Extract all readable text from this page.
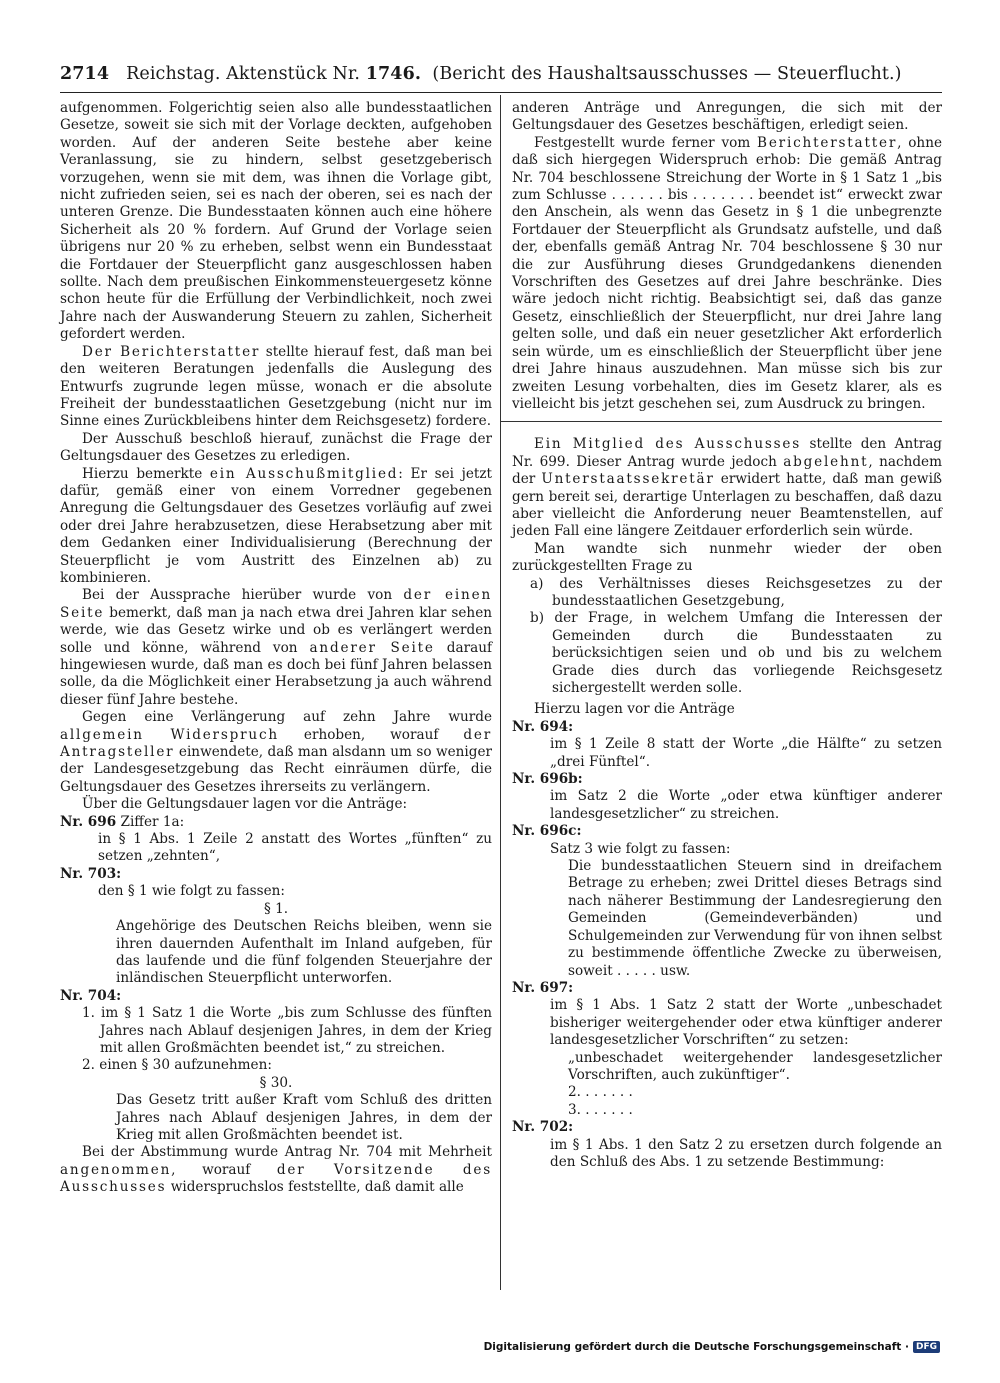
2714 Reichstag. Aktenstück Nr. 1746. (Bericht des Haushaltsausschusses — Steuerflucht.)

aufgenommen. Folgerichtig seien also alle bundesstaatlichen Gesetze, soweit sie sich mit der Vorlage deckten, aufgehoben worden. Auf der anderen Seite bestehe aber keine Veranlassung, sie zu hindern, selbst gesetzgeberisch vorzugehen, wenn sie mit dem, was ihnen die Vorlage gibt, nicht zufrieden seien, sei es nach der oberen, sei es nach der unteren Grenze. Die Bundesstaaten können auch eine höhere Sicherheit als 20 % fordern. Auf Grund der Vorlage seien übrigens nur 20 % zu erheben, selbst wenn ein Bundesstaat die Fortdauer der Steuerpflicht ganz ausgeschlossen haben sollte. Nach dem preußischen Einkommensteuergesetz könne schon heute für die Erfüllung der Verbindlichkeit, noch zwei Jahre nach der Auswanderung Steuern zu zahlen, Sicherheit gefordert werden.

Der Berichterstatter stellte hierauf fest, daß man bei den weiteren Beratungen jedenfalls die Auslegung des Entwurfs zugrunde legen müsse, wonach er die absolute Freiheit der bundesstaatlichen Gesetzgebung (nicht nur im Sinne eines Zurückbleibens hinter dem Reichsgesetz) fordere.

Der Ausschuß beschloß hierauf, zunächst die Frage der Geltungsdauer des Gesetzes zu erledigen.

Hierzu bemerkte ein Ausschußmitglied: Er sei jetzt dafür, gemäß einer von einem Vorredner gegebenen Anregung die Geltungsdauer des Gesetzes vorläufig auf zwei oder drei Jahre herabzusetzen, diese Herabsetzung aber mit dem Gedanken einer Individualisierung (Berechnung der Steuerpflicht je vom Austritt des Einzelnen ab) zu kombinieren.

Bei der Aussprache hierüber wurde von der einen Seite bemerkt, daß man ja nach etwa drei Jahren klar sehen werde, wie das Gesetz wirke und ob es verlängert werden solle und könne, während von anderer Seite darauf hingewiesen wurde, daß man es doch bei fünf Jahren belassen solle, da die Möglichkeit einer Herabsetzung ja auch während dieser fünf Jahre bestehe.

Gegen eine Verlängerung auf zehn Jahre wurde allgemein Widerspruch erhoben, worauf der Antragsteller einwendete, daß man alsdann um so weniger der Landesgesetzgebung das Recht einräumen dürfe, die Geltungsdauer des Gesetzes ihrerseits zu verlängern.

Über die Geltungsdauer lagen vor die Anträge:

Nr. 696 Ziffer 1a:

in § 1 Abs. 1 Zeile 2 anstatt des Wortes „fünften“ zu setzen „zehnten“,

Nr. 703:

den § 1 wie folgt zu fassen:

§ 1.

Angehörige des Deutschen Reichs bleiben, wenn sie ihren dauernden Aufenthalt im Inland aufgeben, für das laufende und die fünf folgenden Steuerjahre der inländischen Steuerpflicht unterworfen.

Nr. 704:

1. im § 1 Satz 1 die Worte „bis zum Schlusse des fünften Jahres nach Ablauf desjenigen Jahres, in dem der Krieg mit allen Großmächten beendet ist,“ zu streichen.

2. einen § 30 aufzunehmen:

§ 30.

Das Gesetz tritt außer Kraft vom Schluß des dritten Jahres nach Ablauf desjenigen Jahres, in dem der Krieg mit allen Großmächten beendet ist.

Bei der Abstimmung wurde Antrag Nr. 704 mit Mehrheit angenommen, worauf der Vorsitzende des Ausschusses widerspruchslos feststellte, daß damit alle

anderen Anträge und Anregungen, die sich mit der Geltungsdauer des Gesetzes beschäftigen, erledigt seien.

Festgestellt wurde ferner vom Berichterstatter, ohne daß sich hiergegen Widerspruch erhob: Die gemäß Antrag Nr. 704 beschlossene Streichung der Worte in § 1 Satz 1 „bis zum Schlusse . . . . . . bis . . . . . . . beendet ist“ erweckt zwar den Anschein, als wenn das Gesetz in § 1 die unbegrenzte Fortdauer der Steuerpflicht als Grundsatz aufstelle, und daß der, ebenfalls gemäß Antrag Nr. 704 beschlossene § 30 nur die zur Ausführung dieses Grundgedankens dienenden Vorschriften des Gesetzes auf drei Jahre beschränke. Dies wäre jedoch nicht richtig. Beabsichtigt sei, daß das ganze Gesetz, einschließlich der Steuerpflicht, nur drei Jahre lang gelten solle, und daß ein neuer gesetzlicher Akt erforderlich sein würde, um es einschließlich der Steuerpflicht über jene drei Jahre hinaus auszudehnen. Man müsse sich bis zur zweiten Lesung vorbehalten, dies im Gesetz klarer, als es vielleicht bis jetzt geschehen sei, zum Ausdruck zu bringen.

Ein Mitglied des Ausschusses stellte den Antrag Nr. 699. Dieser Antrag wurde jedoch abgelehnt, nachdem der Unterstaatssekretär erwidert hatte, daß man gewiß gern bereit sei, derartige Unterlagen zu beschaffen, daß dazu aber vielleicht die Anforderung neuer Beamtenstellen, auf jeden Fall eine längere Zeitdauer erforderlich sein würde.

Man wandte sich nunmehr wieder der oben zurückgestellten Frage zu

a) des Verhältnisses dieses Reichsgesetzes zu der bundesstaatlichen Gesetzgebung,

b) der Frage, in welchem Umfang die Interessen der Gemeinden durch die Bundesstaaten zu berücksichtigen seien und ob und bis zu welchem Grade dies durch das vorliegende Reichsgesetz sichergestellt werden solle.

Hierzu lagen vor die Anträge

Nr. 694:

im § 1 Zeile 8 statt der Worte „die Hälfte“ zu setzen „drei Fünftel“.

Nr. 696b:

im Satz 2 die Worte „oder etwa künftiger anderer landesgesetzlicher“ zu streichen.

Nr. 696c:

Satz 3 wie folgt zu fassen:

Die bundesstaatlichen Steuern sind in dreifachem Betrage zu erheben; zwei Drittel dieses Betrags sind nach näherer Bestimmung der Landesregierung den Gemeinden (Gemeindeverbänden) und Schulgemeinden zur Verwendung für von ihnen selbst zu bestimmende öffentliche Zwecke zu überweisen, soweit . . . . . usw.

Nr. 697:

im § 1 Abs. 1 Satz 2 statt der Worte „unbeschadet bisheriger weitergehender oder etwa künftiger anderer landesgesetzlicher Vorschriften“ zu setzen:

„unbeschadet weitergehender landesgesetzlicher Vorschriften, auch zukünftiger“.

2. . . . . . .

3. . . . . . .

Nr. 702:

im § 1 Abs. 1 den Satz 2 zu ersetzen durch folgende an den Schluß des Abs. 1 zu setzende Bestimmung:

Digitalisierung gefördert durch die Deutsche Forschungsgemeinschaft · DFG
